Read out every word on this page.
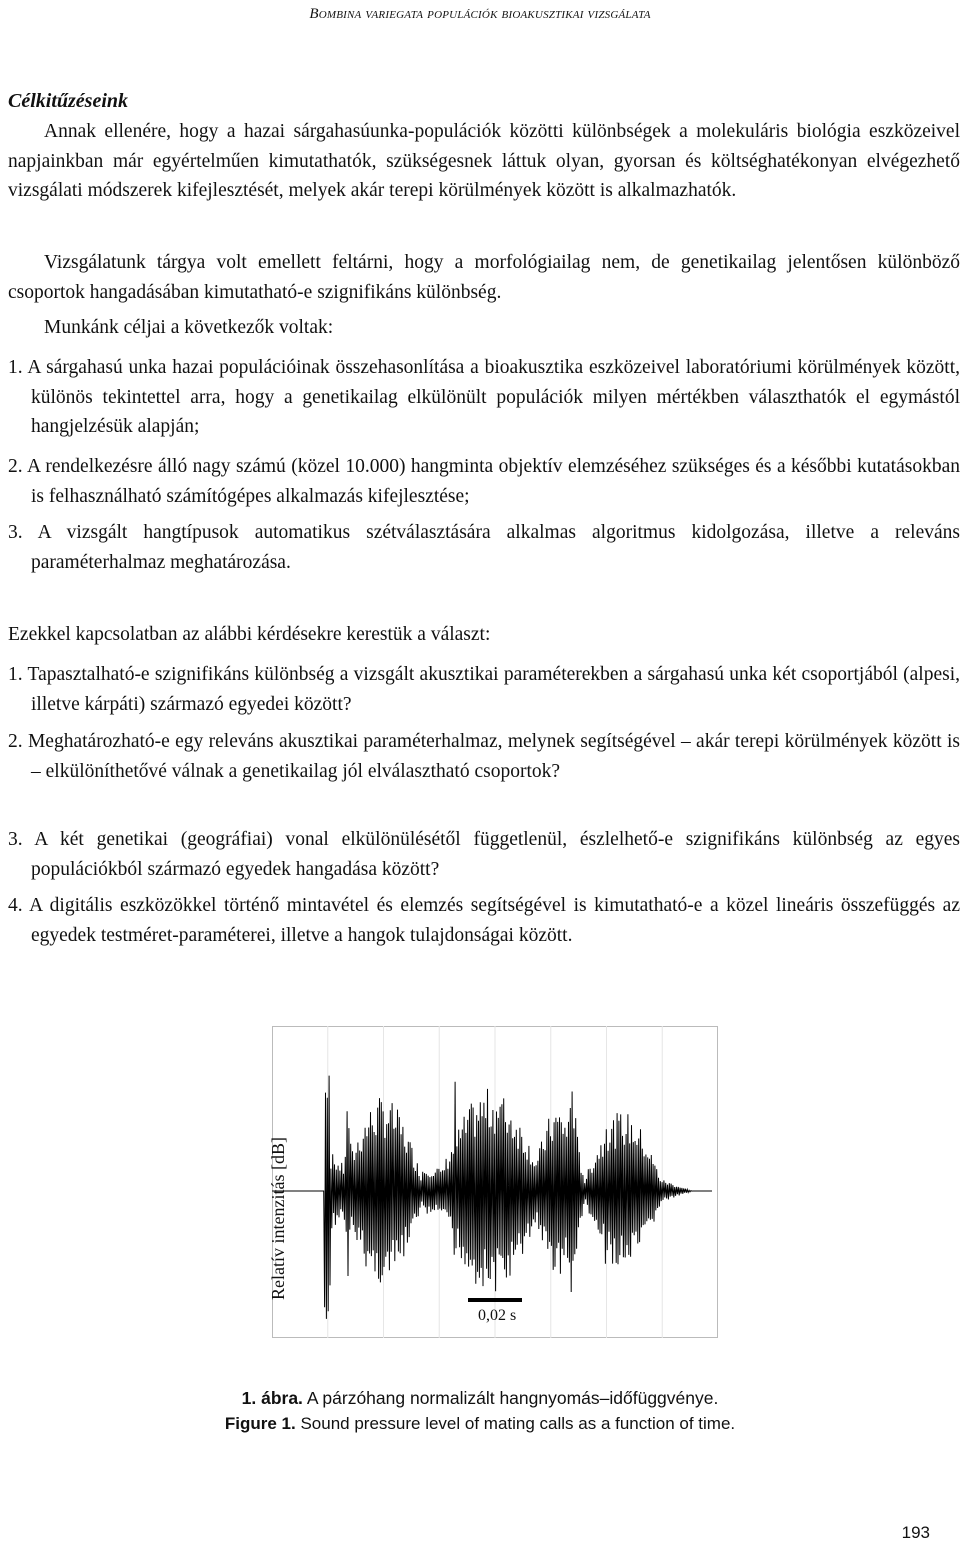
Bombina variegata populációk bioakusztikai vizsgálata
Célkitűzéseink
Annak ellenére, hogy a hazai sárgahasúunka-populációk közötti különbségek a molekuláris biológia eszközeivel napjainkban már egyértelműen kimutathatók, szükségesnek láttuk olyan, gyorsan és költséghatékonyan elvégezhető vizsgálati módszerek kifejlesztését, melyek akár terepi körülmények között is alkalmazhatók.
Vizsgálatunk tárgya volt emellett feltárni, hogy a morfológiailag nem, de genetikailag jelentősen különböző csoportok hangadásában kimutatható-e szignifikáns különbség.
Munkánk céljai a következők voltak:
1. A sárgahasú unka hazai populációinak összehasonlítása a bioakusztika eszközeivel laboratóriumi körülmények között, különös tekintettel arra, hogy a genetikailag elkülönült populációk milyen mértékben választhatók el egymástól hangjelzésük alapján;
2. A rendelkezésre álló nagy számú (közel 10.000) hangminta objektív elemzéséhez szükséges és a későbbi kutatásokban is felhasználható számítógépes alkalmazás kifejlesztése;
3. A vizsgált hangtípusok automatikus szétválasztására alkalmas algoritmus kidolgozása, illetve a releváns paraméterhalmaz meghatározása.
Ezekkel kapcsolatban az alábbi kérdésekre kerestük a választ:
1. Tapasztalható-e szignifikáns különbség a vizsgált akusztikai paraméterekben a sárgahasú unka két csoportjából (alpesi, illetve kárpáti) származó egyedei között?
2. Meghatározható-e egy releváns akusztikai paraméterhalmaz, melynek segítségével – akár terepi körülmények között is – elkülöníthetővé válnak a genetikailag jól elválasztható csoportok?
3. A két genetikai (geográfiai) vonal elkülönülésétől függetlenül, észlelhető-e szignifikáns különbség az egyes populációkból származó egyedek hangadása között?
4. A digitális eszközökkel történő mintavétel és elemzés segítségével is kimutatható-e a közel lineáris összefüggés az egyedek testméret-paraméterei, illetve a hangok tulajdonságai között.
Relatív intenzitás [dB]
0,02 s
1. ábra. A párzóhang normalizált hangnyomás–időfüggvénye.
Figure 1. Sound pressure level of mating calls as a function of time.
193
